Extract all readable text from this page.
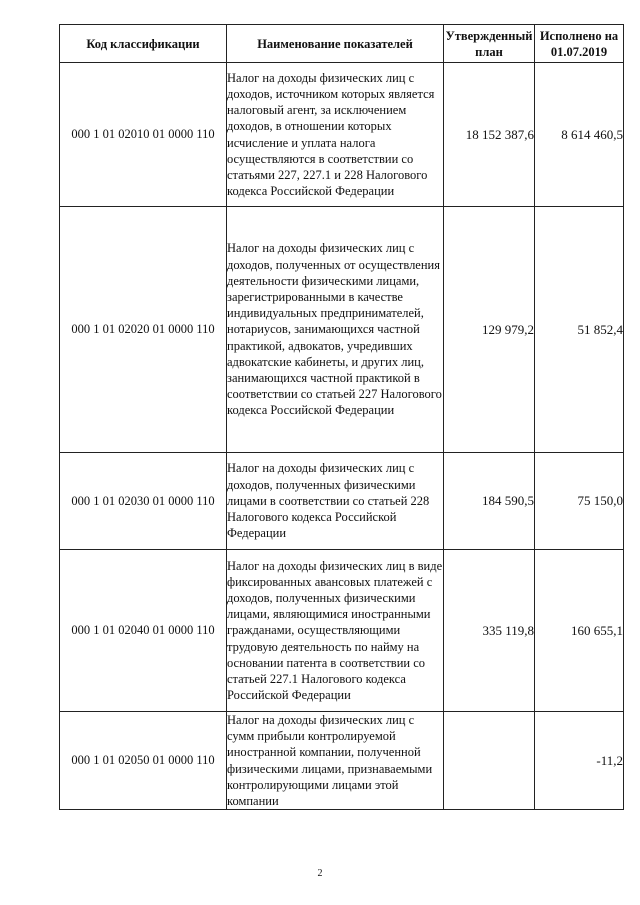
Код классификации	Наименование показателей	Утвержденный план	Исполнено на 01.07.2019
000 1 01 02010 01 0000 110	Налог на доходы физических лиц с доходов, источником которых является налоговый агент, за исключением доходов, в отношении которых исчисление и уплата налога осуществляются в соответствии со статьями 227, 227.1 и 228 Налогового кодекса Российской Федерации	18 152 387,6	8 614 460,5
000 1 01 02020 01 0000 110	Налог на доходы физических лиц с доходов, полученных от осуществления деятельности физическими лицами, зарегистрированными в качестве индивидуальных предпринимателей, нотариусов, занимающихся частной практикой, адвокатов, учредивших адвокатские кабинеты, и других лиц, занимающихся частной практикой в соответствии со статьей 227 Налогового кодекса Российской Федерации	129 979,2	51 852,4
000 1 01 02030 01 0000 110	Налог на доходы физических лиц с доходов, полученных физическими лицами в соответствии со статьей 228 Налогового кодекса Российской Федерации	184 590,5	75 150,0
000 1 01 02040 01 0000 110	Налог на доходы физических лиц в виде фиксированных авансовых платежей с доходов, полученных физическими лицами, являющимися иностранными гражданами, осуществляющими трудовую деятельность по найму на основании патента в соответствии со статьей 227.1 Налогового кодекса Российской Федерации	335 119,8	160 655,1
000 1 01 02050 01 0000 110	Налог на доходы физических лиц с сумм прибыли контролируемой иностранной компании, полученной физическими лицами, признаваемыми контролирующими лицами этой компании		-11,2
2
